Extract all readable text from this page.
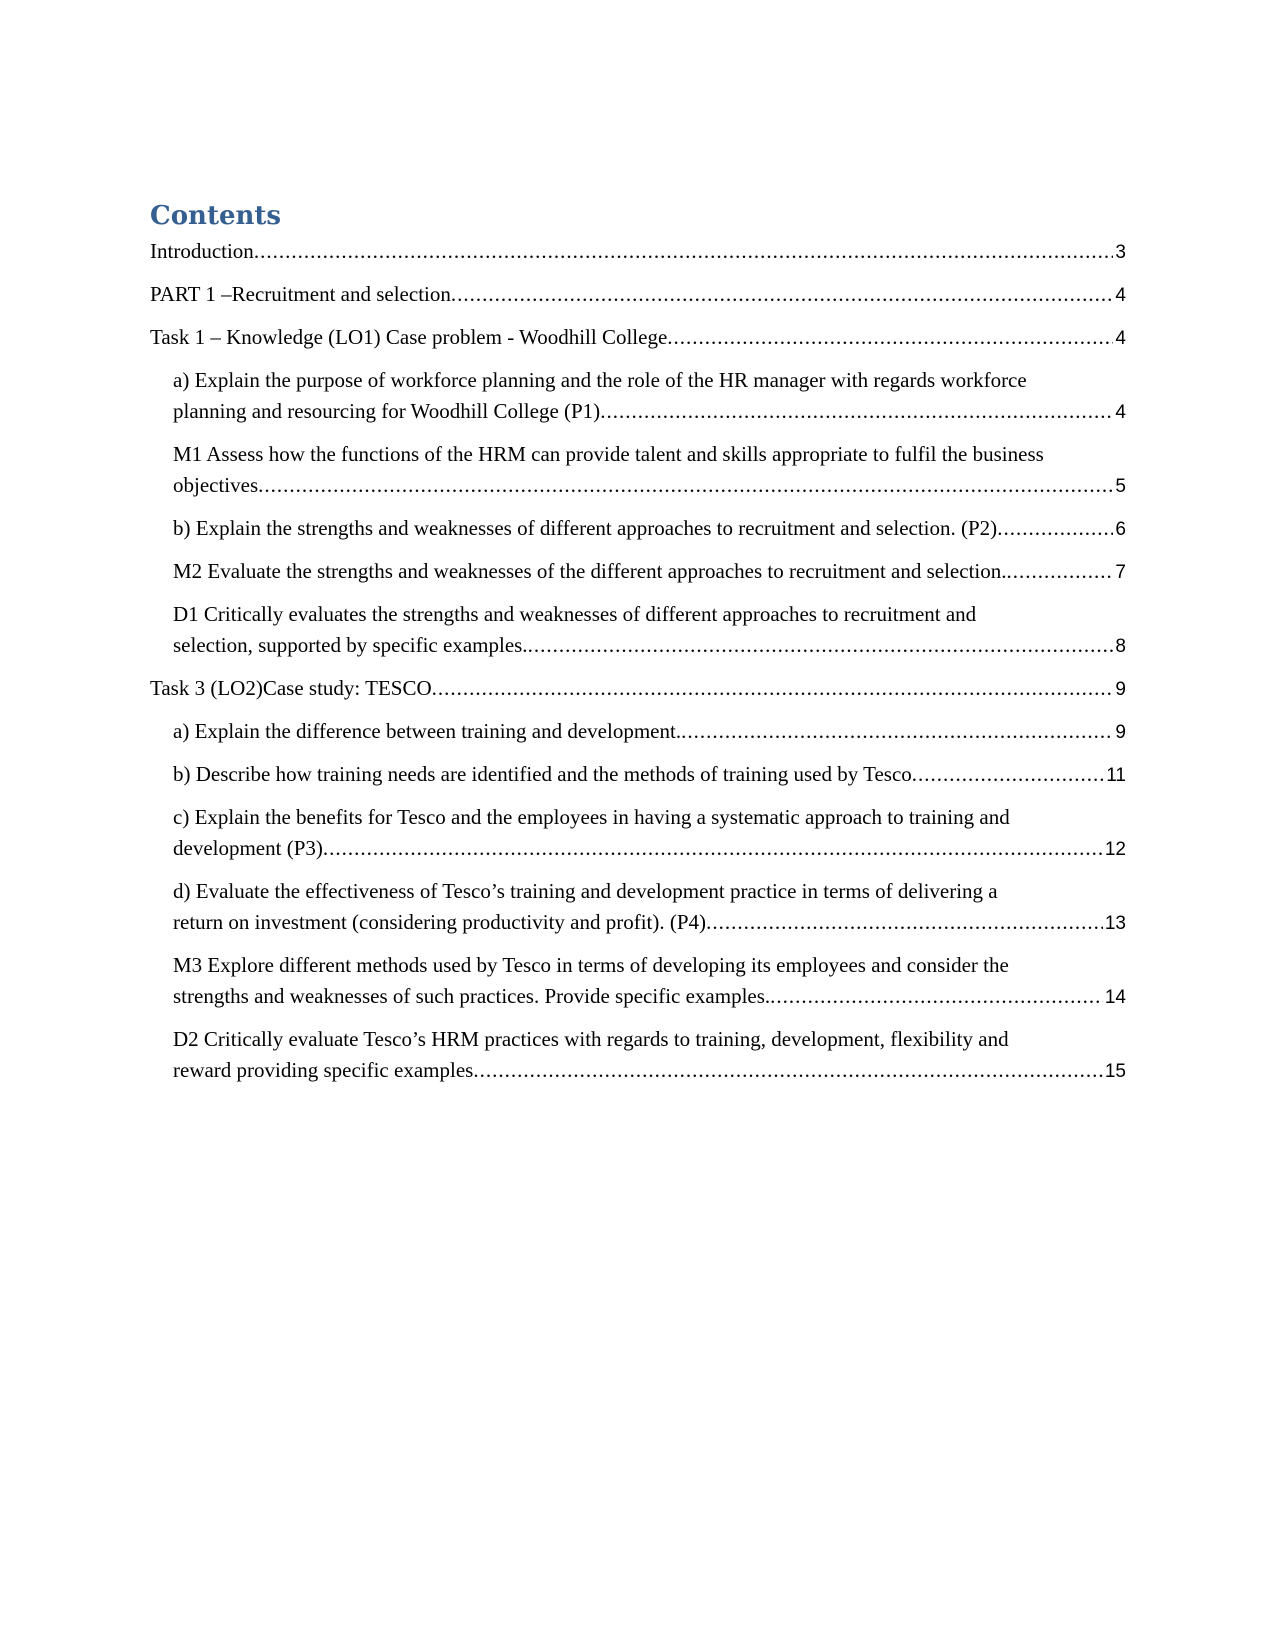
Contents
Introduction .....	3
PART 1 –Recruitment and selection .....	4
Task 1 – Knowledge (LO1) Case problem - Woodhill College .....	4
a) Explain the purpose of workforce planning and the role of the HR manager with regards workforce
planning and resourcing for Woodhill College (P1) .....	4
M1 Assess how the functions of the HRM can provide talent and skills appropriate to fulfil the business
objectives .....	5
b) Explain the strengths and weaknesses of different approaches to recruitment and selection. (P2) .....	6
M2 Evaluate the strengths and weaknesses of the different approaches to recruitment and selection. .....	7
D1 Critically evaluates the strengths and weaknesses of different approaches to recruitment and
selection, supported by specific examples. .....	8
Task 3 (LO2)Case study: TESCO .....	9
a) Explain the difference between training and development. .....	9
b) Describe how training needs are identified and the methods of training used by Tesco .....	11
c) Explain the benefits for Tesco and the employees in having a systematic approach to training and
development (P3) .....	12
d) Evaluate the effectiveness of Tesco’s training and development practice in terms of delivering a
return on investment (considering productivity and profit). (P4) .....	13
M3 Explore different methods used by Tesco in terms of developing its employees and consider the
strengths and weaknesses of such practices. Provide specific examples. .....	14
D2 Critically evaluate Tesco’s HRM practices with regards to training, development, flexibility and
reward providing specific examples .....	15
